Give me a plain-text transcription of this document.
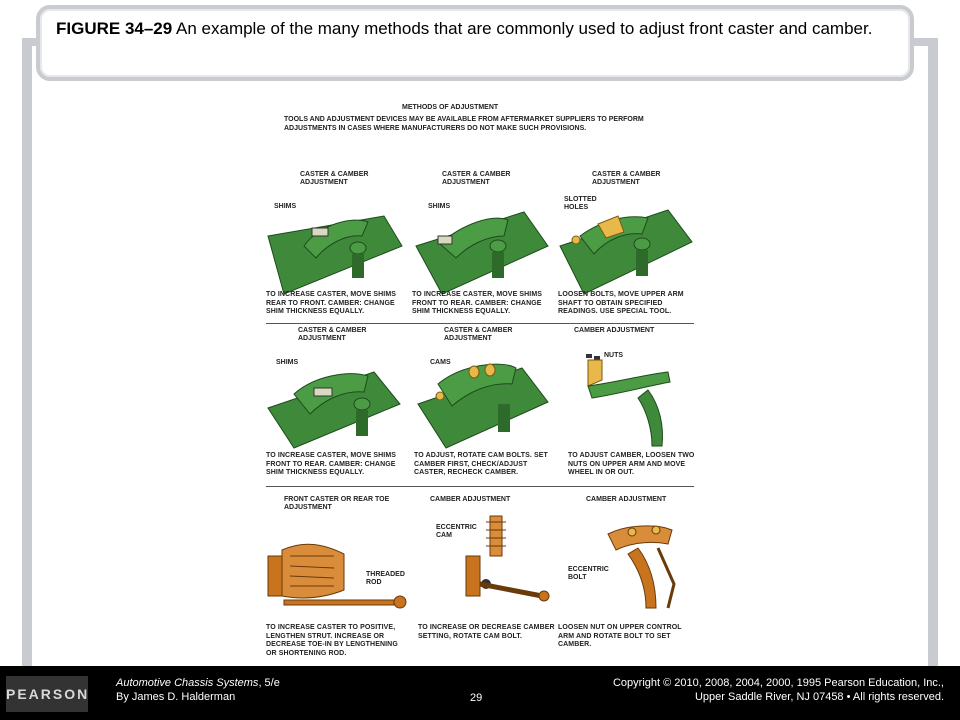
FIGURE 34–29 An example of the many methods that are commonly used to adjust front caster and camber.
METHODS OF ADJUSTMENT
TOOLS AND ADJUSTMENT DEVICES MAY BE AVAILABLE FROM AFTERMARKET SUPPLIERS TO PERFORM ADJUSTMENTS IN CASES WHERE MANUFACTURERS DO NOT MAKE SUCH PROVISIONS.
CASTER & CAMBER ADJUSTMENT
SHIMS
TO INCREASE CASTER, MOVE SHIMS REAR TO FRONT. CAMBER: CHANGE SHIM THICKNESS EQUALLY.
CASTER & CAMBER ADJUSTMENT
SHIMS
TO INCREASE CASTER, MOVE SHIMS FRONT TO REAR. CAMBER: CHANGE SHIM THICKNESS EQUALLY.
CASTER & CAMBER ADJUSTMENT
SLOTTED HOLES
LOOSEN BOLTS, MOVE UPPER ARM SHAFT TO OBTAIN SPECIFIED READINGS. USE SPECIAL TOOL.
CASTER & CAMBER ADJUSTMENT
SHIMS
TO INCREASE CASTER, MOVE SHIMS FRONT TO REAR. CAMBER: CHANGE SHIM THICKNESS EQUALLY.
CASTER & CAMBER ADJUSTMENT
CAMS
TO ADJUST, ROTATE CAM BOLTS. SET CAMBER FIRST, CHECK/ADJUST CASTER, RECHECK CAMBER.
CAMBER ADJUSTMENT
NUTS
TO ADJUST CAMBER, LOOSEN TWO NUTS ON UPPER ARM AND MOVE WHEEL IN OR OUT.
FRONT CASTER OR REAR TOE ADJUSTMENT
THREADED ROD
TO INCREASE CASTER TO POSITIVE, LENGTHEN STRUT. INCREASE OR DECREASE TOE-IN BY LENGTHENING OR SHORTENING ROD.
CAMBER ADJUSTMENT
ECCENTRIC CAM
TO INCREASE OR DECREASE CAMBER SETTING, ROTATE CAM BOLT.
CAMBER ADJUSTMENT
ECCENTRIC BOLT
LOOSEN NUT ON UPPER CONTROL ARM AND ROTATE BOLT TO SET CAMBER.
PEARSON
Automotive Chassis Systems, 5/e
By James D. Halderman	29
Copyright © 2010, 2008, 2004, 2000, 1995 Pearson Education, Inc.,
Upper Saddle River, NJ 07458 • All rights reserved.
